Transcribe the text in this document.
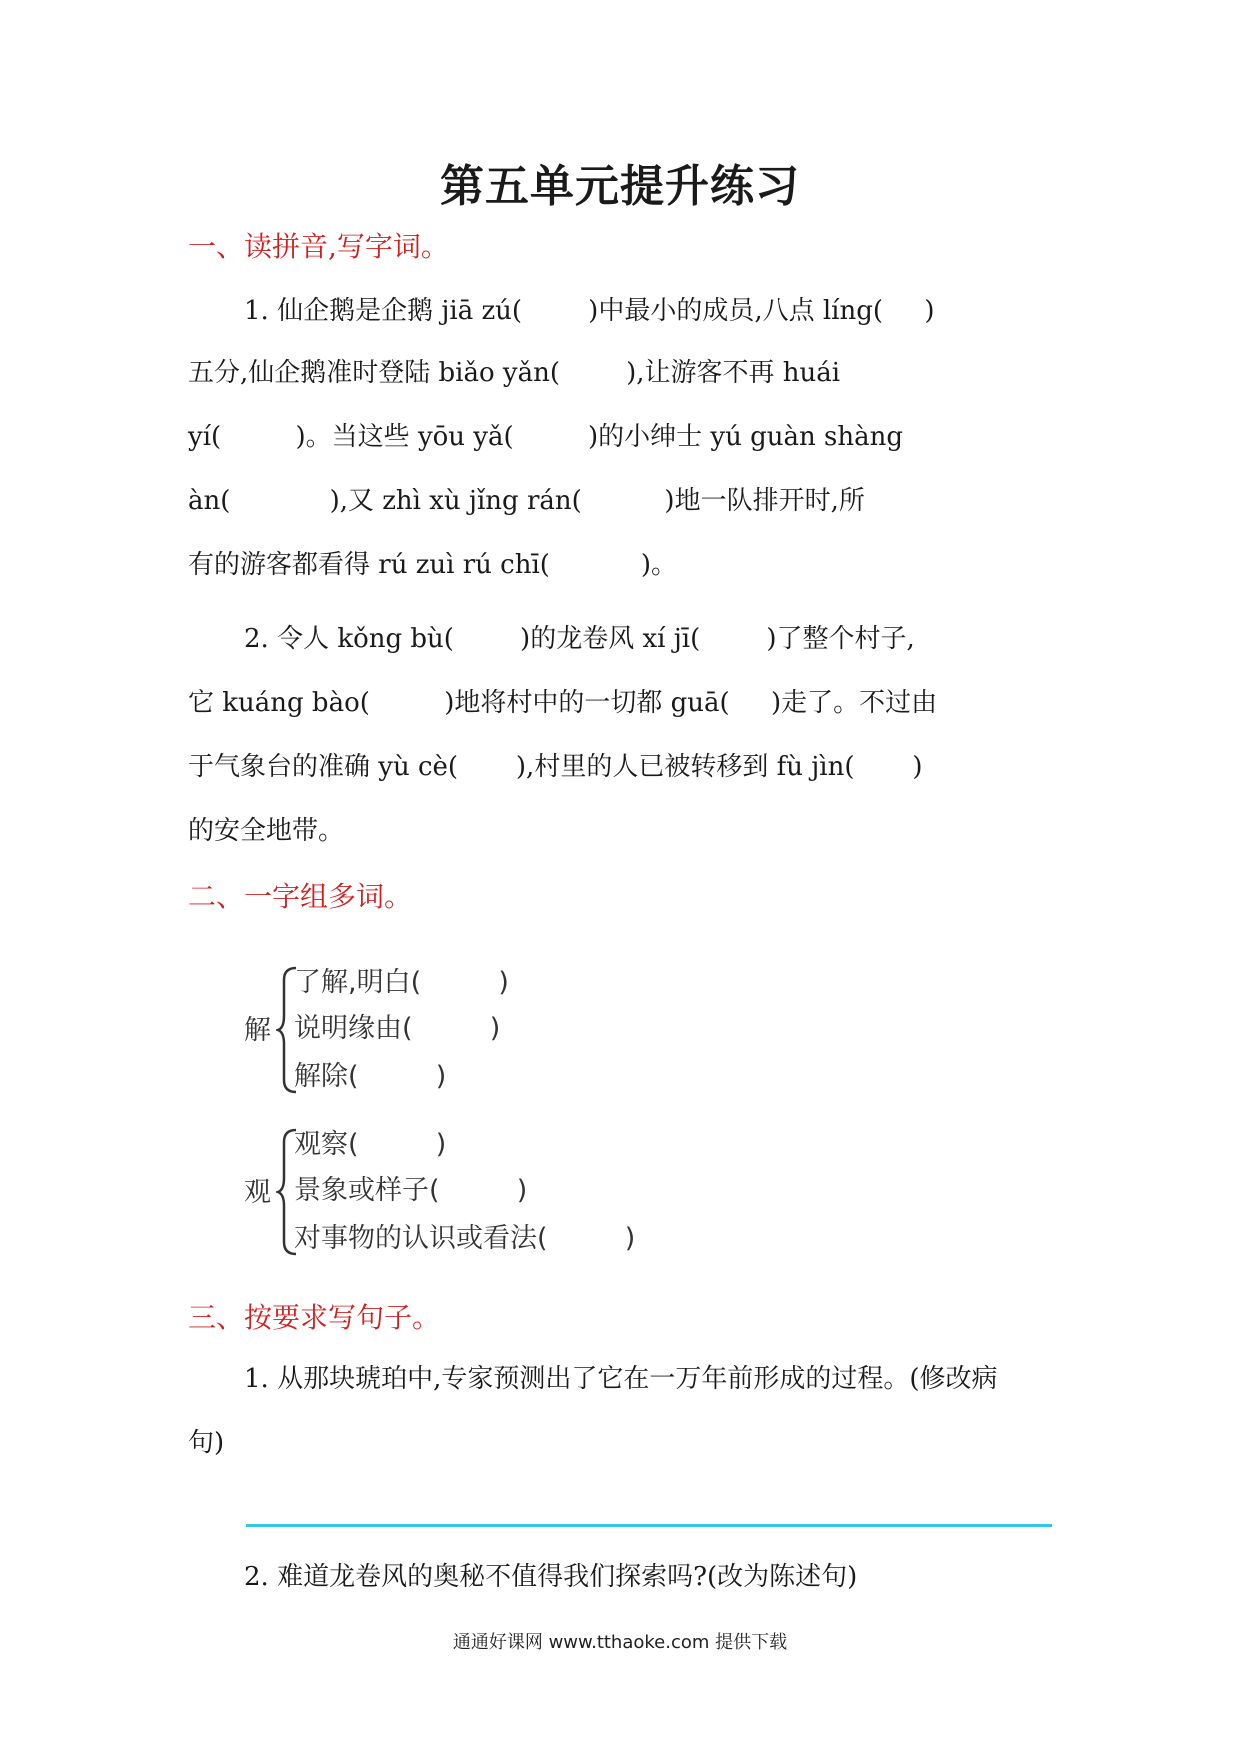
第五单元提升练习
一、读拼音,写字词。
1. 仙企鹅是企鹅 jiā zú(        )中最小的成员,八点 líng(     )
五分,仙企鹅准时登陆 biǎo yǎn(        ),让游客不再 huái
yí(         )。当这些 yōu yǎ(         )的小绅士 yú guàn shàng
àn(            ),又 zhì xù jǐng rán(          )地一队排开时,所
有的游客都看得 rú zuì rú chī(           )。
2. 令人 kǒng bù(        )的龙卷风 xí jī(        )了整个村子,
它 kuáng bào(         )地将村中的一切都 guā(     )走了。不过由
于气象台的准确 yù cè(       ),村里的人已被转移到 fù jìn(       )
的安全地带。
二、一字组多词。
解
了解,明白(         )
说明缘由(         )
解除(         )
观
观察(         )
景象或样子(         )
对事物的认识或看法(         )
三、按要求写句子。
1. 从那块琥珀中,专家预测出了它在一万年前形成的过程。(修改病
句)
2. 难道龙卷风的奥秘不值得我们探索吗?(改为陈述句)
通通好课网 www.tthaoke.com 提供下载
